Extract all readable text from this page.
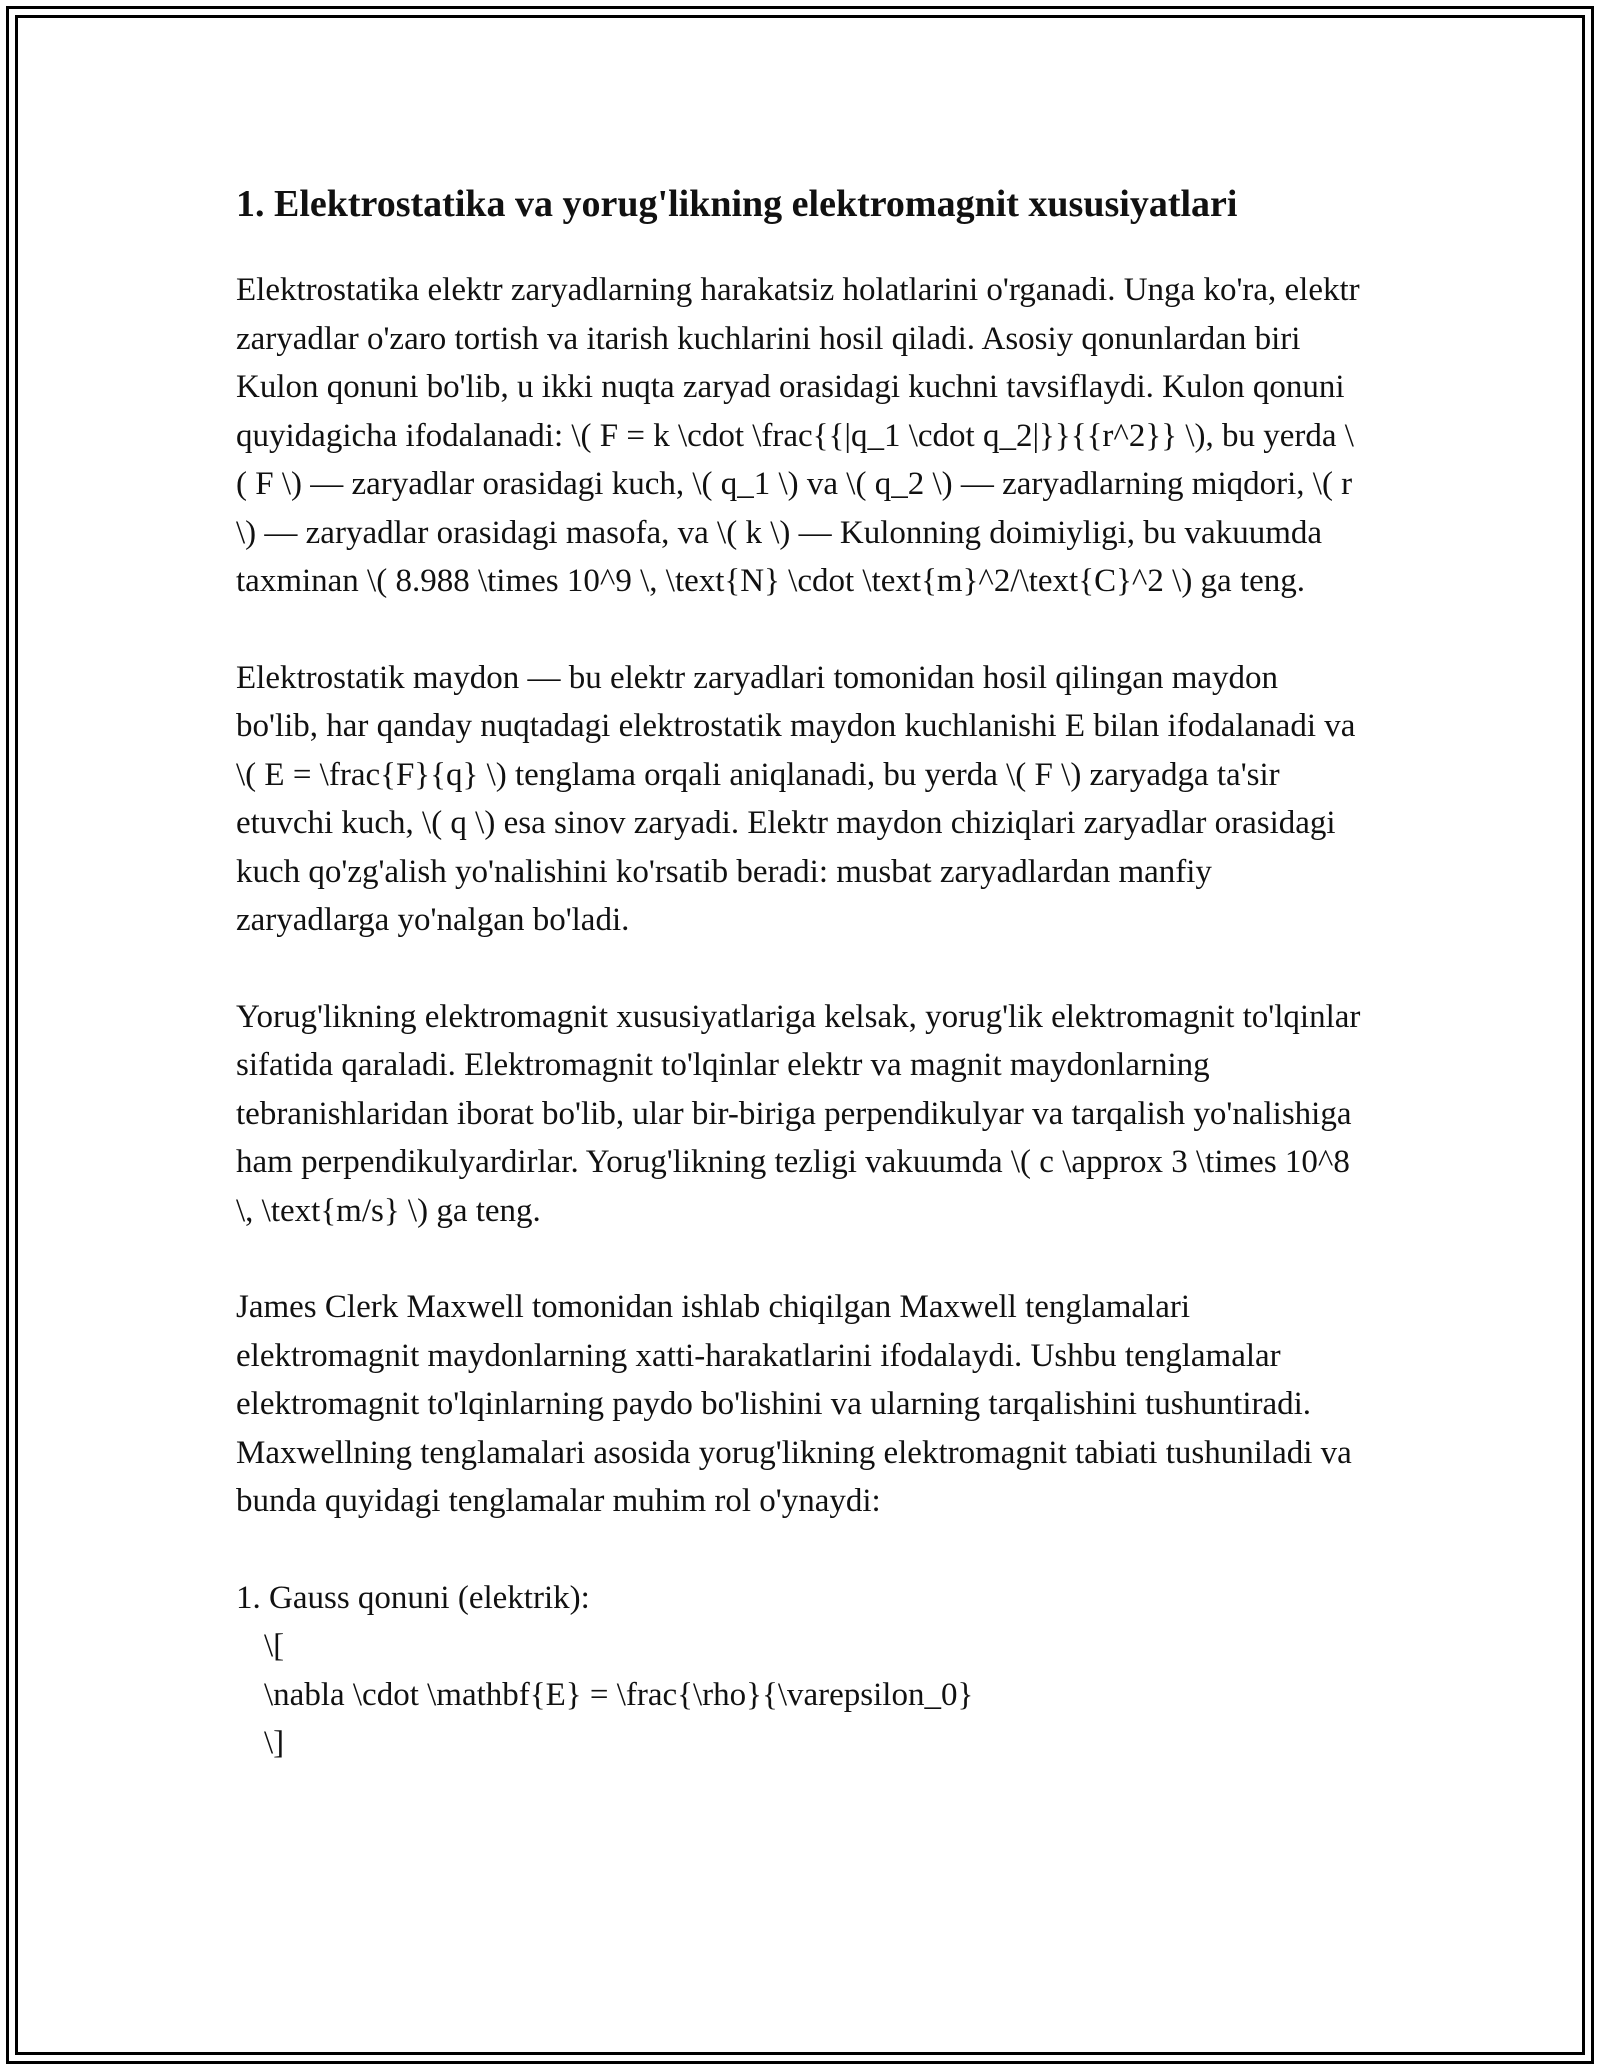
1. Elektrostatika va yorug'likning elektromagnit xususiyatlari

Elektrostatika elektr zaryadlarning harakatsiz holatlarini o'rganadi. Unga ko'ra, elektr zaryadlar o'zaro tortish va itarish kuchlarini hosil qiladi. Asosiy qonunlardan biri Kulon qonuni bo'lib, u ikki nuqta zaryad orasidagi kuchni tavsiflaydi. Kulon qonuni quyidagicha ifodalanadi: \( F = k \cdot \frac{{|q_1 \cdot q_2|}}{{r^2}} \), bu yerda \( F \) — zaryadlar orasidagi kuch, \( q_1 \) va \( q_2 \) — zaryadlarning miqdori, \( r \) — zaryadlar orasidagi masofa, va \( k \) — Kulonning doimiyligi, bu vakuumda taxminan \( 8.988 \times 10^9 \, \text{N} \cdot \text{m}^2/\text{C}^2 \) ga teng.

Elektrostatik maydon — bu elektr zaryadlari tomonidan hosil qilingan maydon bo'lib, har qanday nuqtadagi elektrostatik maydon kuchlanishi E bilan ifodalanadi va \( E = \frac{F}{q} \) tenglama orqali aniqlanadi, bu yerda \( F \) zaryadga ta'sir etuvchi kuch, \( q \) esa sinov zaryadi. Elektr maydon chiziqlari zaryadlar orasidagi kuch qo'zg'alish yo'nalishini ko'rsatib beradi: musbat zaryadlardan manfiy zaryadlarga yo'nalgan bo'ladi.

Yorug'likning elektromagnit xususiyatlariga kelsak, yorug'lik elektromagnit to'lqinlar sifatida qaraladi. Elektromagnit to'lqinlar elektr va magnit maydonlarning tebranishlaridan iborat bo'lib, ular bir-biriga perpendikulyar va tarqalish yo'nalishiga ham perpendikulyardirlar. Yorug'likning tezligi vakuumda \( c \approx 3 \times 10^8 \, \text{m/s} \) ga teng.

James Clerk Maxwell tomonidan ishlab chiqilgan Maxwell tenglamalari elektromagnit maydonlarning xatti-harakatlarini ifodalaydi. Ushbu tenglamalar elektromagnit to'lqinlarning paydo bo'lishini va ularning tarqalishini tushuntiradi. Maxwellning tenglamalari asosida yorug'likning elektromagnit tabiati tushuniladi va bunda quyidagi tenglamalar muhim rol o'ynaydi:

1. Gauss qonuni (elektrik):
\[
\nabla \cdot \mathbf{E} = \frac{\rho}{\varepsilon_0}
\]
